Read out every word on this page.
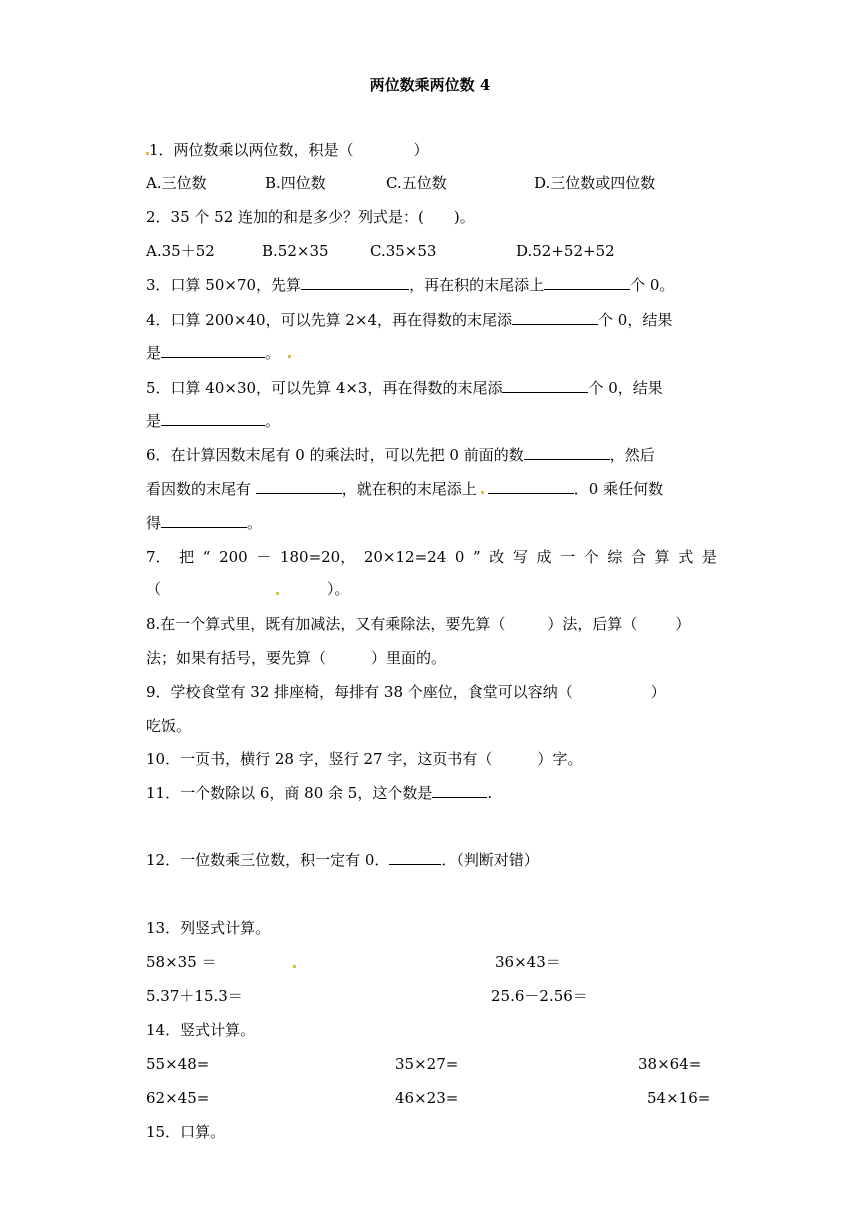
两位数乘两位数 4
1．两位数乘以两位数，积是（　　　　）
A.三位数	B.四位数	C.五位数	D.三位数或四位数
2．35 个 52 连加的和是多少？列式是：(　　)。
A.35＋52	B.52×35	C.35×53	D.52+52+52
3．口算 50×70，先算	，再在积的末尾添上	个 0。
4．口算 200×40，可以先算 2×4，再在得数的末尾添	个 0，结果
是	。
5．口算 40×30，可以先算 4×3，再在得数的末尾添	个 0，结果
是	。
6．在计算因数末尾有 0 的乘法时，可以先把 0 前面的数	，然后
看因数的末尾有	，就在积的末尾添上	．0 乘任何数
得	。
7． 把 “ 200 － 180=20， 20×12=24 0 ” 改 写 成 一 个 综 合 算 式 是
（	）。
8.在一个算式里，既有加减法，又有乘除法，要先算（	）法，后算（	）
法；如果有括号，要先算（　　　）里面的。
9．学校食堂有 32 排座椅，每排有 38 个座位，食堂可以容纳（	）
吃饭。
10．一页书，横行 28 字，竖行 27 字，这页书有（　　　）字。
11．一个数除以 6，商 80 余 5，这个数是	.
12．一位数乘三位数，积一定有 0．	．（判断对错）
13．列竖式计算。
58×35 ＝	36×43＝
5.37＋15.3＝	25.6－2.56＝
14．竖式计算。
55×48=	35×27=	38×64=
62×45=	46×23=	54×16=
15．口算。
